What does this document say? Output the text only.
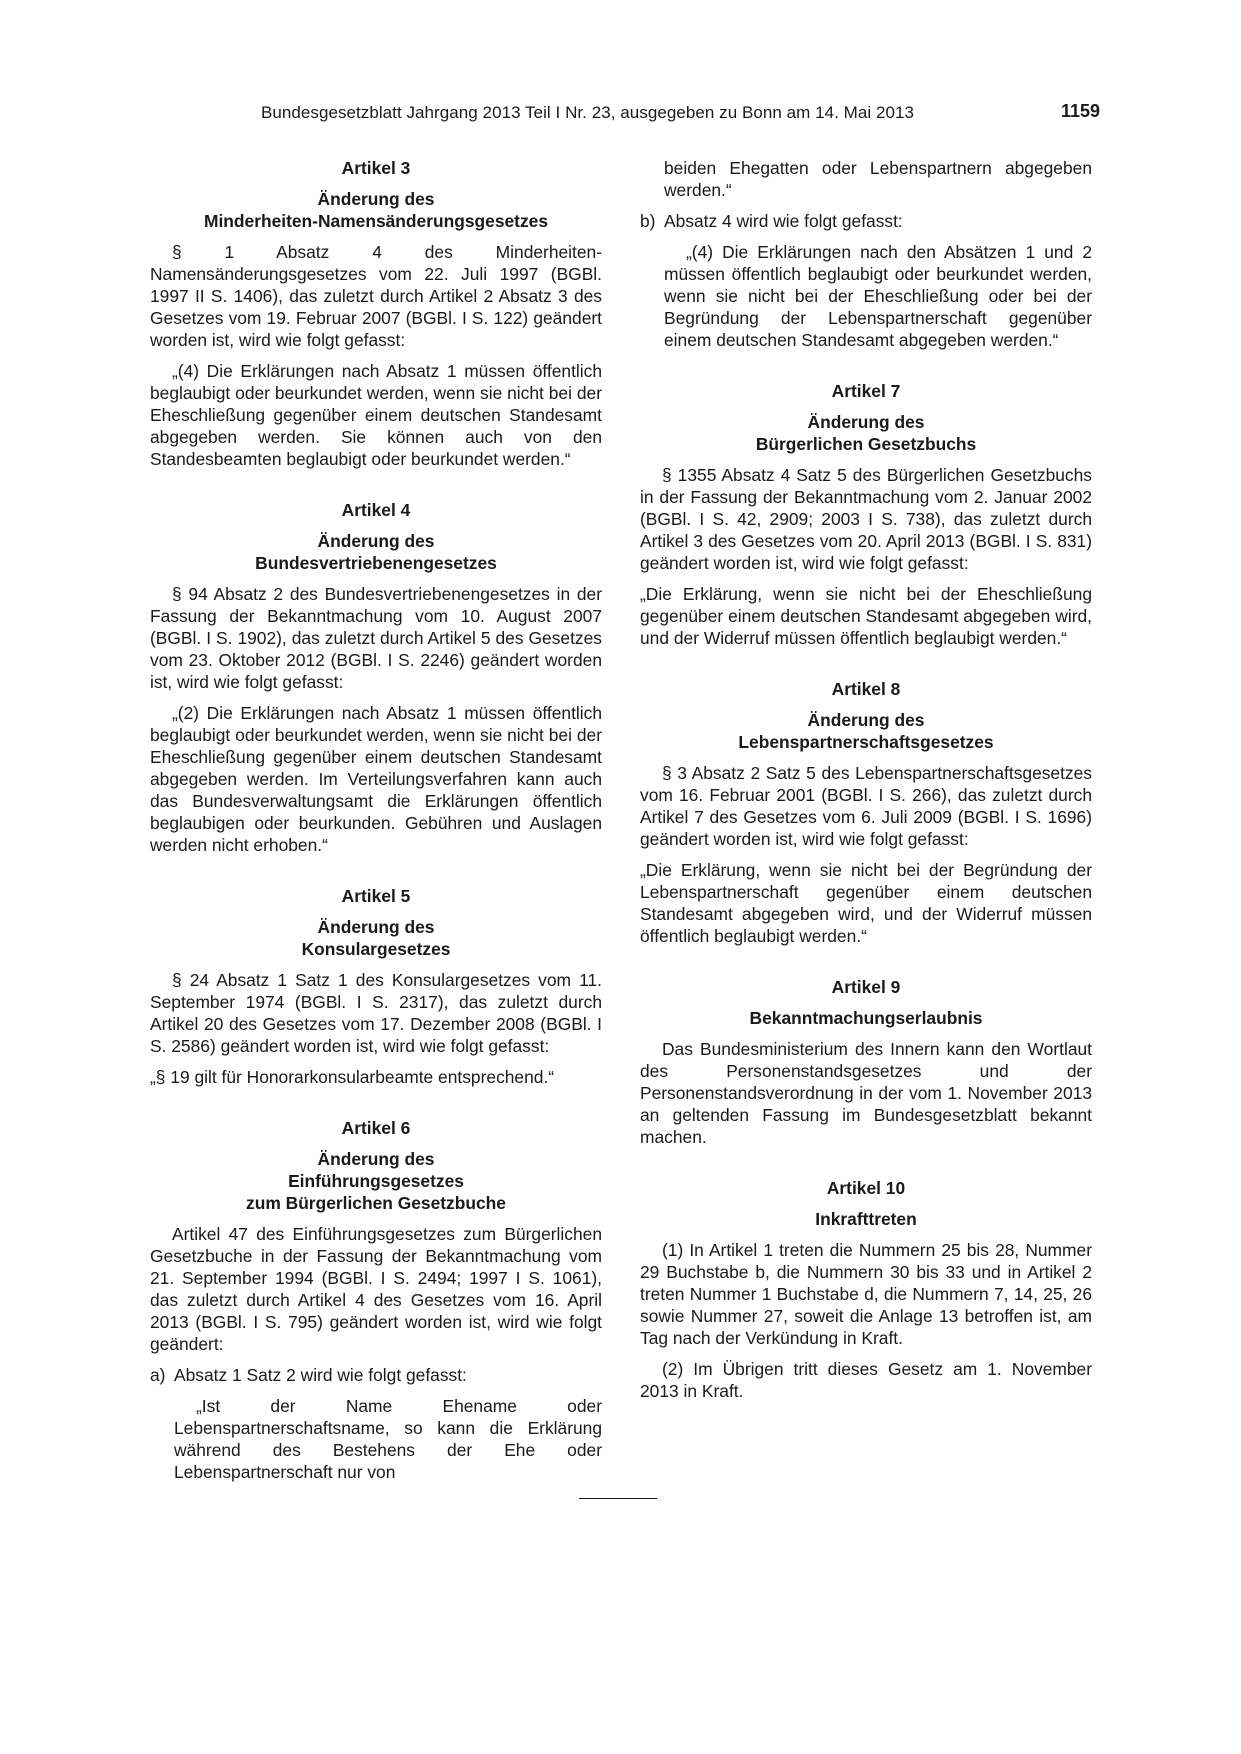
Bundesgesetzblatt Jahrgang 2013 Teil I Nr. 23, ausgegeben zu Bonn am 14. Mai 2013	1159
Artikel 3
Änderung des
Minderheiten-Namensänderungsgesetzes

§ 1 Absatz 4 des Minderheiten-Namensänderungsgesetzes vom 22. Juli 1997 (BGBl. 1997 II S. 1406), das zuletzt durch Artikel 2 Absatz 3 des Gesetzes vom 19. Februar 2007 (BGBl. I S. 122) geändert worden ist, wird wie folgt gefasst:

„(4) Die Erklärungen nach Absatz 1 müssen öffentlich beglaubigt oder beurkundet werden, wenn sie nicht bei der Eheschließung gegenüber einem deutschen Standesamt abgegeben werden. Sie können auch von den Standesbeamten beglaubigt oder beurkundet werden.“

Artikel 4
Änderung des
Bundesvertriebenengesetzes

§ 94 Absatz 2 des Bundesvertriebenengesetzes in der Fassung der Bekanntmachung vom 10. August 2007 (BGBl. I S. 1902), das zuletzt durch Artikel 5 des Gesetzes vom 23. Oktober 2012 (BGBl. I S. 2246) geändert worden ist, wird wie folgt gefasst:

„(2) Die Erklärungen nach Absatz 1 müssen öffentlich beglaubigt oder beurkundet werden, wenn sie nicht bei der Eheschließung gegenüber einem deutschen Standesamt abgegeben werden. Im Verteilungsverfahren kann auch das Bundesverwaltungsamt die Erklärungen öffentlich beglaubigen oder beurkunden. Gebühren und Auslagen werden nicht erhoben.“

Artikel 5
Änderung des
Konsulargesetzes

§ 24 Absatz 1 Satz 1 des Konsulargesetzes vom 11. September 1974 (BGBl. I S. 2317), das zuletzt durch Artikel 20 des Gesetzes vom 17. Dezember 2008 (BGBl. I S. 2586) geändert worden ist, wird wie folgt gefasst:

„§ 19 gilt für Honorarkonsularbeamte entsprechend.“

Artikel 6
Änderung des
Einführungsgesetzes
zum Bürgerlichen Gesetzbuche

Artikel 47 des Einführungsgesetzes zum Bürgerlichen Gesetzbuche in der Fassung der Bekanntmachung vom 21. September 1994 (BGBl. I S. 2494; 1997 I S. 1061), das zuletzt durch Artikel 4 des Gesetzes vom 16. April 2013 (BGBl. I S. 795) geändert worden ist, wird wie folgt geändert:

a) Absatz 1 Satz 2 wird wie folgt gefasst:

„Ist der Name Ehename oder Lebenspartnerschaftsname, so kann die Erklärung während des Bestehens der Ehe oder Lebenspartnerschaft nur von

beiden Ehegatten oder Lebenspartnern abgegeben werden.“

b) Absatz 4 wird wie folgt gefasst:

„(4) Die Erklärungen nach den Absätzen 1 und 2 müssen öffentlich beglaubigt oder beurkundet werden, wenn sie nicht bei der Eheschließung oder bei der Begründung der Lebenspartnerschaft gegenüber einem deutschen Standesamt abgegeben werden.“

Artikel 7
Änderung des
Bürgerlichen Gesetzbuchs

§ 1355 Absatz 4 Satz 5 des Bürgerlichen Gesetzbuchs in der Fassung der Bekanntmachung vom 2. Januar 2002 (BGBl. I S. 42, 2909; 2003 I S. 738), das zuletzt durch Artikel 3 des Gesetzes vom 20. April 2013 (BGBl. I S. 831) geändert worden ist, wird wie folgt gefasst:

„Die Erklärung, wenn sie nicht bei der Eheschließung gegenüber einem deutschen Standesamt abgegeben wird, und der Widerruf müssen öffentlich beglaubigt werden.“

Artikel 8
Änderung des
Lebenspartnerschaftsgesetzes

§ 3 Absatz 2 Satz 5 des Lebenspartnerschaftsgesetzes vom 16. Februar 2001 (BGBl. I S. 266), das zuletzt durch Artikel 7 des Gesetzes vom 6. Juli 2009 (BGBl. I S. 1696) geändert worden ist, wird wie folgt gefasst:

„Die Erklärung, wenn sie nicht bei der Begründung der Lebenspartnerschaft gegenüber einem deutschen Standesamt abgegeben wird, und der Widerruf müssen öffentlich beglaubigt werden.“

Artikel 9
Bekanntmachungserlaubnis

Das Bundesministerium des Innern kann den Wortlaut des Personenstandsgesetzes und der Personenstandsverordnung in der vom 1. November 2013 an geltenden Fassung im Bundesgesetzblatt bekannt machen.

Artikel 10
Inkrafttreten

(1) In Artikel 1 treten die Nummern 25 bis 28, Nummer 29 Buchstabe b, die Nummern 30 bis 33 und in Artikel 2 treten Nummer 1 Buchstabe d, die Nummern 7, 14, 25, 26 sowie Nummer 27, soweit die Anlage 13 betroffen ist, am Tag nach der Verkündung in Kraft.

(2) Im Übrigen tritt dieses Gesetz am 1. November 2013 in Kraft.
